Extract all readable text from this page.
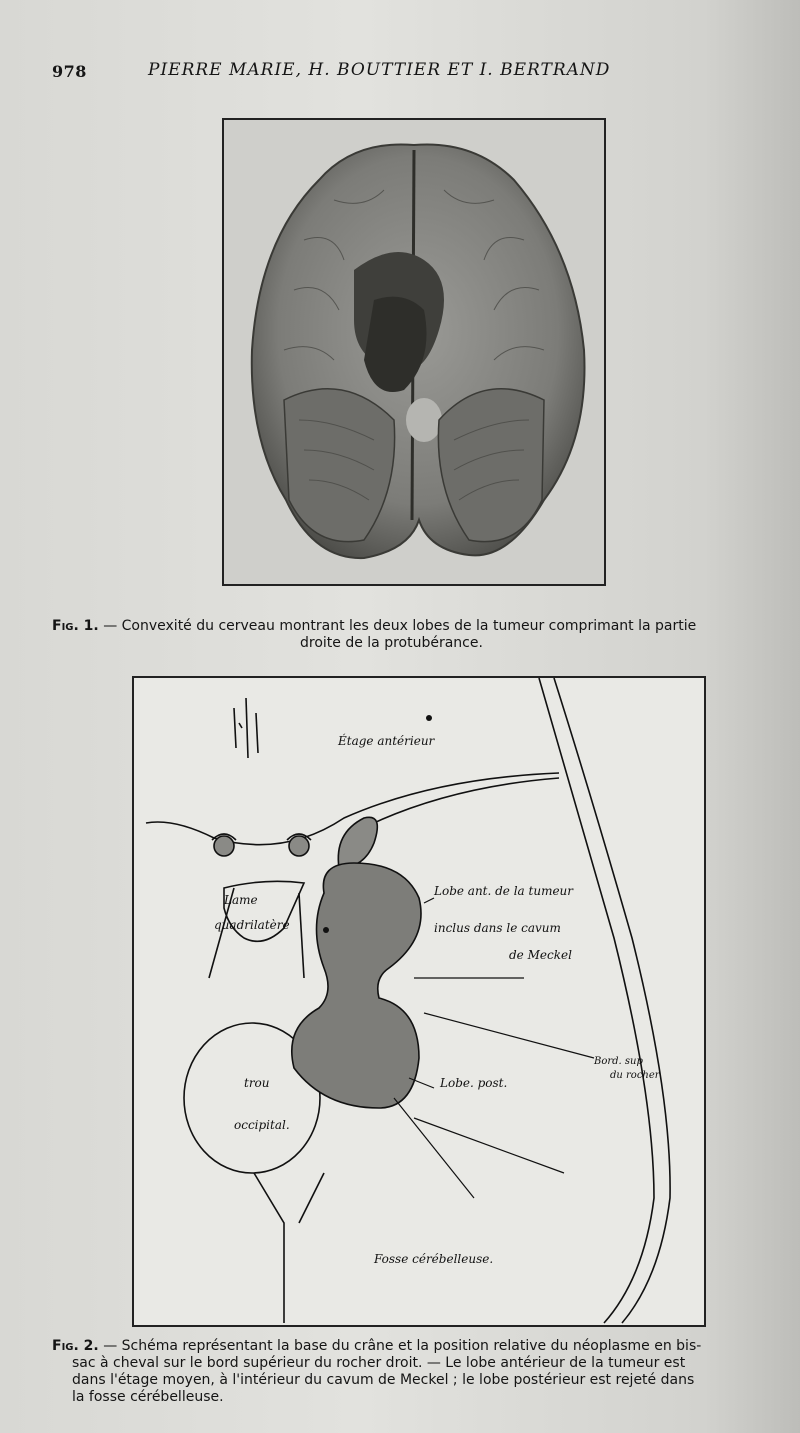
978	PIERRE MARIE, H. BOUTTIER ET I. BERTRAND
Fig. 1. — Convexité du cerveau montrant les deux lobes de la tumeur comprimant la partie
droite de la protubérance.
Étage antérieur
Lobe ant. de la tumeur
inclus dans le cavum
de Meckel
Lame
quadrilatère
Bord. sup
du rocher
trou
occipital.
Lobe. post.
Fosse cérébelleuse.
Fig. 2. — Schéma représentant la base du crâne et la position relative du néoplasme en bis-
sac à cheval sur le bord supérieur du rocher droit. — Le lobe antérieur de la tumeur est
dans l'étage moyen, à l'intérieur du cavum de Meckel ; le lobe postérieur est rejeté dans
la fosse cérébelleuse.
